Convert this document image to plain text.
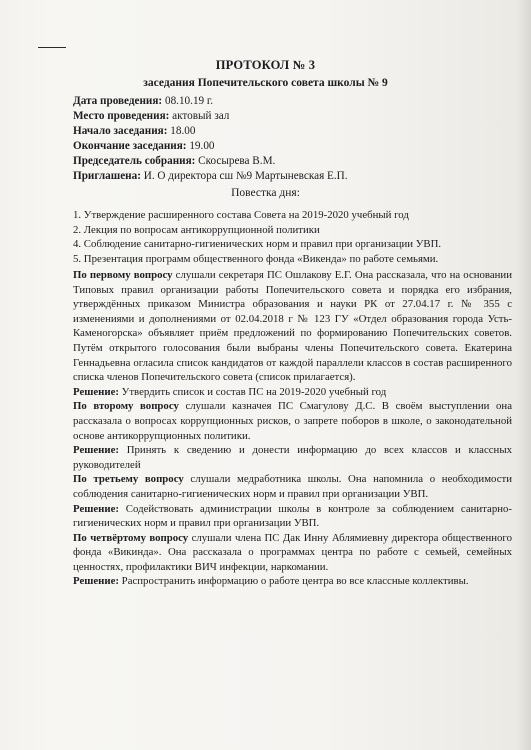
ПРОТОКОЛ № 3
заседания Попечительского совета школы № 9
Дата проведения: 08.10.19 г.
Место проведения: актовый зал
Начало заседания: 18.00
Окончание заседания: 19.00
Председатель собрания: Скосырева В.М.
Приглашена: И. О директора сш №9 Мартыневская Е.П.
Повестка дня:
1. Утверждение расширенного состава Совета на 2019-2020 учебный год
2. Лекция по вопросам антикоррупционной политики
4. Соблюдение санитарно-гигиенических норм и правил при организации УВП.
5. Презентация программ общественного фонда «Викенда» по работе семьями.

По первому вопросу слушали секретаря ПС Ошлакову Е.Г. Она рассказала, что на основании Типовых правил организации работы Попечительского совета и порядка его избрания, утверждённых приказом Министра образования и науки РК от 27.04.17 г. № 355 с изменениями и дополнениями от 02.04.2018 г № 123 ГУ «Отдел образования города Усть- Каменогорска» объявляет приём предложений по формированию Попечительских советов. Путём открытого голосования были выбраны члены Попечительского совета. Екатерина Геннадьевна огласила список кандидатов от каждой параллели классов в состав расширенного списка членов Попечительского совета (список прилагается).

Решение: Утвердить список и состав ПС на 2019-2020 учебный год

По второму вопросу слушали казначея ПС Смагулову Д.С. В своём выступлении она рассказала о вопросах коррупционных рисков, о запрете поборов в школе, о законодательной основе антикоррупционных политики.

Решение: Принять к сведению и донести информацию до всех классов и классных руководителей

По третьему вопросу слушали медработника школы. Она напомнила о необходимости соблюдения санитарно-гигиенических норм и правил при организации УВП.

Решение: Содействовать администрации школы в контроле за соблюдением санитарно-гигиенических норм и правил при организации УВП.

По четвёртому вопросу слушали члена ПС Дак Инну Аблямиевну директора общественного фонда «Викинда». Она рассказала о программах центра по работе с семьей, семейных ценностях, профилактики ВИЧ инфекции, наркомании.

Решение: Распространить информацию о работе центра во все классные коллективы.
